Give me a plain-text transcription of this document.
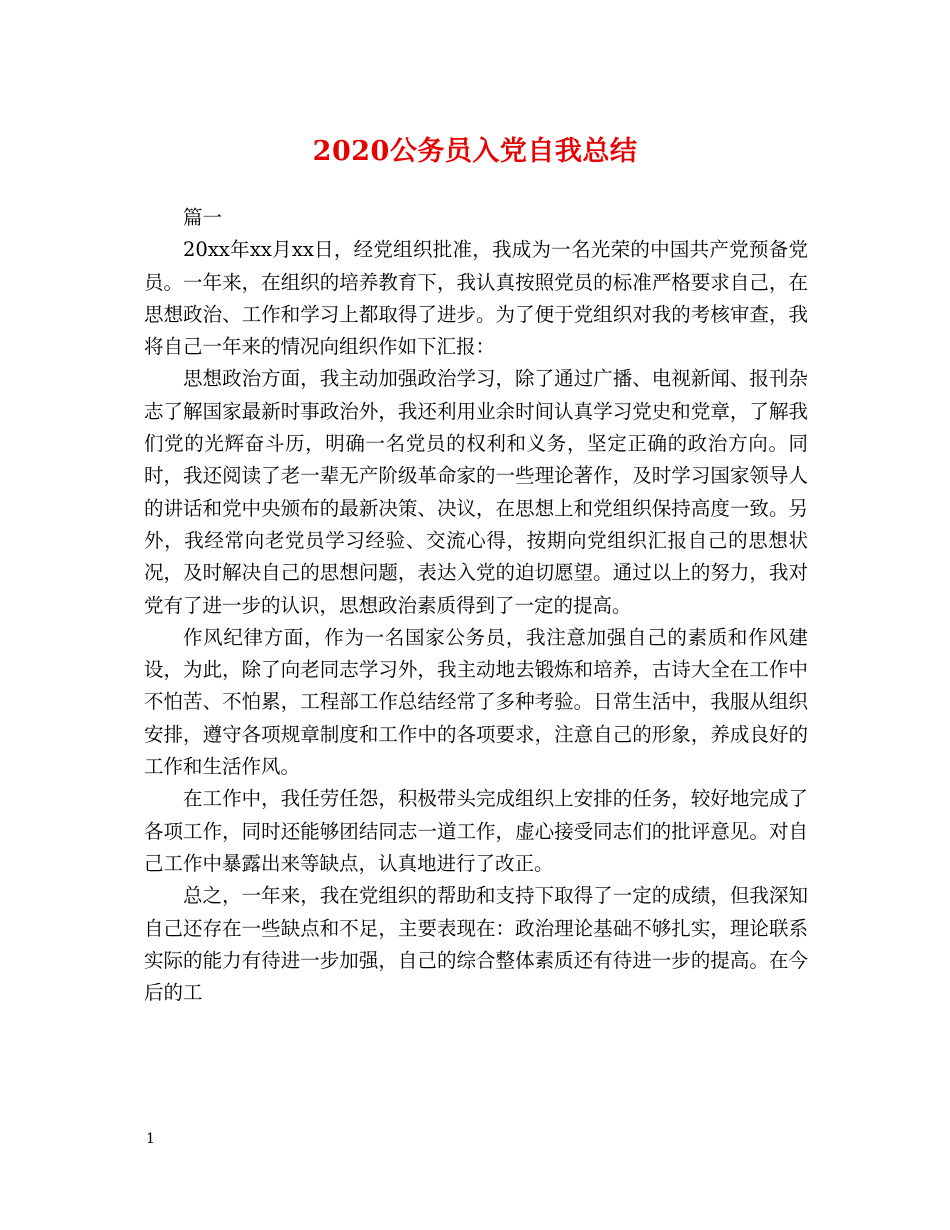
2020公务员入党自我总结

篇一

20xx年xx月xx日，经党组织批准，我成为一名光荣的中国共产党预备党员。一年来，在组织的培养教育下，我认真按照党员的标准严格要求自己，在思想政治、工作和学习上都取得了进步。为了便于党组织对我的考核审查，我将自己一年来的情况向组织作如下汇报：

思想政治方面，我主动加强政治学习，除了通过广播、电视新闻、报刊杂志了解国家最新时事政治外，我还利用业余时间认真学习党史和党章，了解我们党的光辉奋斗历，明确一名党员的权利和义务，坚定正确的政治方向。同时，我还阅读了老一辈无产阶级革命家的一些理论著作，及时学习国家领导人的讲话和党中央颁布的最新决策、决议，在思想上和党组织保持高度一致。另外，我经常向老党员学习经验、交流心得，按期向党组织汇报自己的思想状况，及时解决自己的思想问题，表达入党的迫切愿望。通过以上的努力，我对党有了进一步的认识，思想政治素质得到了一定的提高。

作风纪律方面，作为一名国家公务员，我注意加强自己的素质和作风建设，为此，除了向老同志学习外，我主动地去锻炼和培养，古诗大全在工作中不怕苦、不怕累，工程部工作总结经常了多种考验。日常生活中，我服从组织安排，遵守各项规章制度和工作中的各项要求，注意自己的形象，养成良好的工作和生活作风。

在工作中，我任劳任怨，积极带头完成组织上安排的任务，较好地完成了各项工作，同时还能够团结同志一道工作，虚心接受同志们的批评意见。对自己工作中暴露出来等缺点，认真地进行了改正。

总之，一年来，我在党组织的帮助和支持下取得了一定的成绩，但我深知自己还存在一些缺点和不足，主要表现在：政治理论基础不够扎实，理论联系实际的能力有待进一步加强，自己的综合整体素质还有待进一步的提高。在今后的工

1
